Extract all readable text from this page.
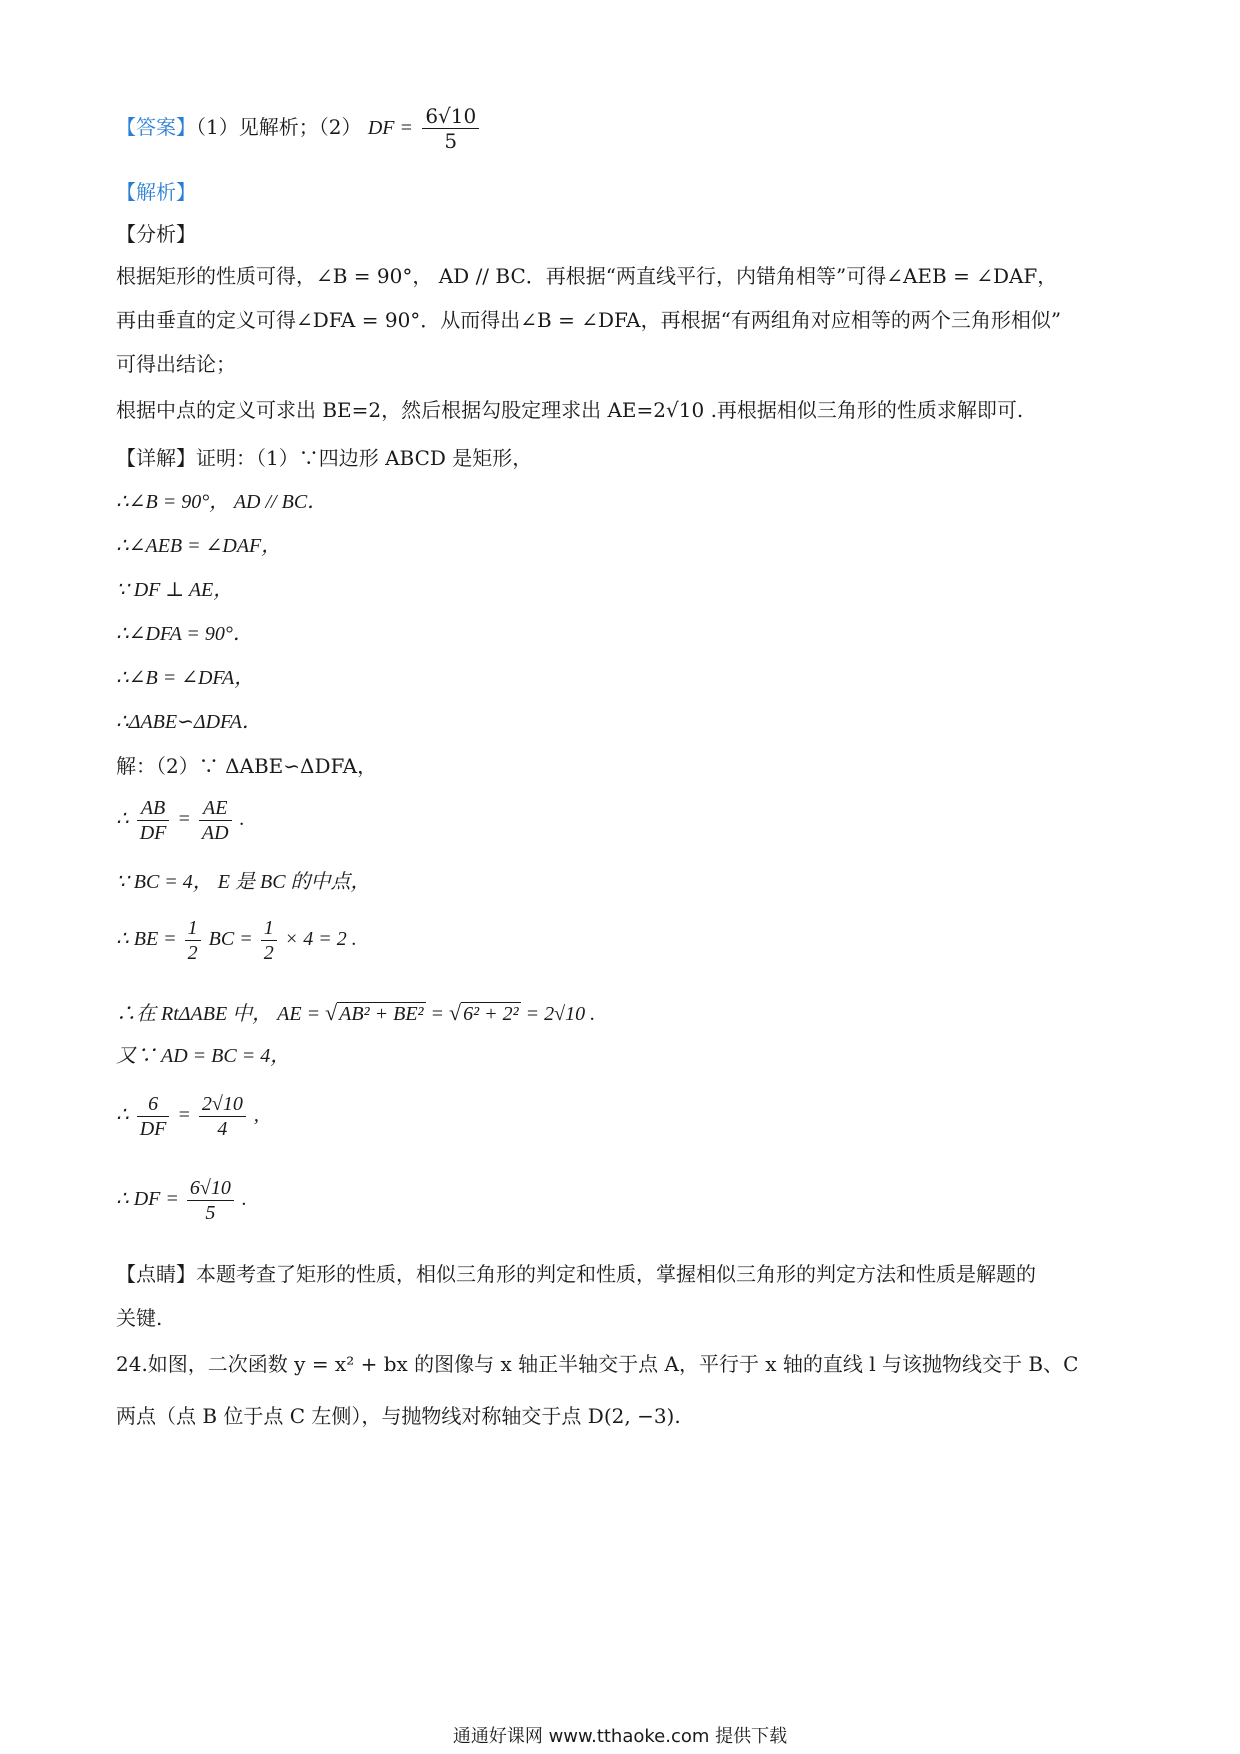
【答案】（1）见解析；（2） DF = $\frac{6√10}{5}$
【解析】
【分析】
根据矩形的性质可得，∠B = 90°， AD // BC．再根据“两直线平行，内错角相等”可得∠AEB = ∠DAF，
再由垂直的定义可得∠DFA = 90°．从而得出∠B = ∠DFA，再根据“有两组角对应相等的两个三角形相似”
可得出结论；
根据中点的定义可求出 BE=2，然后根据勾股定理求出 AE=2√10 .再根据相似三角形的性质求解即可.
【详解】证明：（1）∵四边形 ABCD 是矩形，
∴∠B = 90°， AD // BC．
∴∠AEB = ∠DAF，
∵ DF ⊥ AE，
∴∠DFA = 90°．
∴∠B = ∠DFA，
∴ΔABE∽ΔDFA．
解：（2）∵ ΔABE∽ΔDFA，
∴ $\frac{AB}{DF} = \frac{AE}{AD}$ .
∵ BC = 4， E 是 BC 的中点，
∴ BE = $\frac{1}{2}$ BC = $\frac{1}{2} \times 4 = 2$ .
∴在 RtΔABE 中， AE = √ AB² + BE² = √ 6² + 2² = 2√10 .
又∵ AD = BC = 4，
∴ $\frac{6}{DF} = \frac{2√10}{4}$ ,
∴ DF = $\frac{6√10}{5}$ .
【点睛】本题考查了矩形的性质，相似三角形的判定和性质，掌握相似三角形的判定方法和性质是解题的
关键.
24.如图，二次函数 y = x² + bx 的图像与 x 轴正半轴交于点 A，平行于 x 轴的直线 l 与该抛物线交于 B、C
两点（点 B 位于点 C 左侧），与抛物线对称轴交于点 D(2, −3).
通通好课网 www.tthaoke.com 提供下载
